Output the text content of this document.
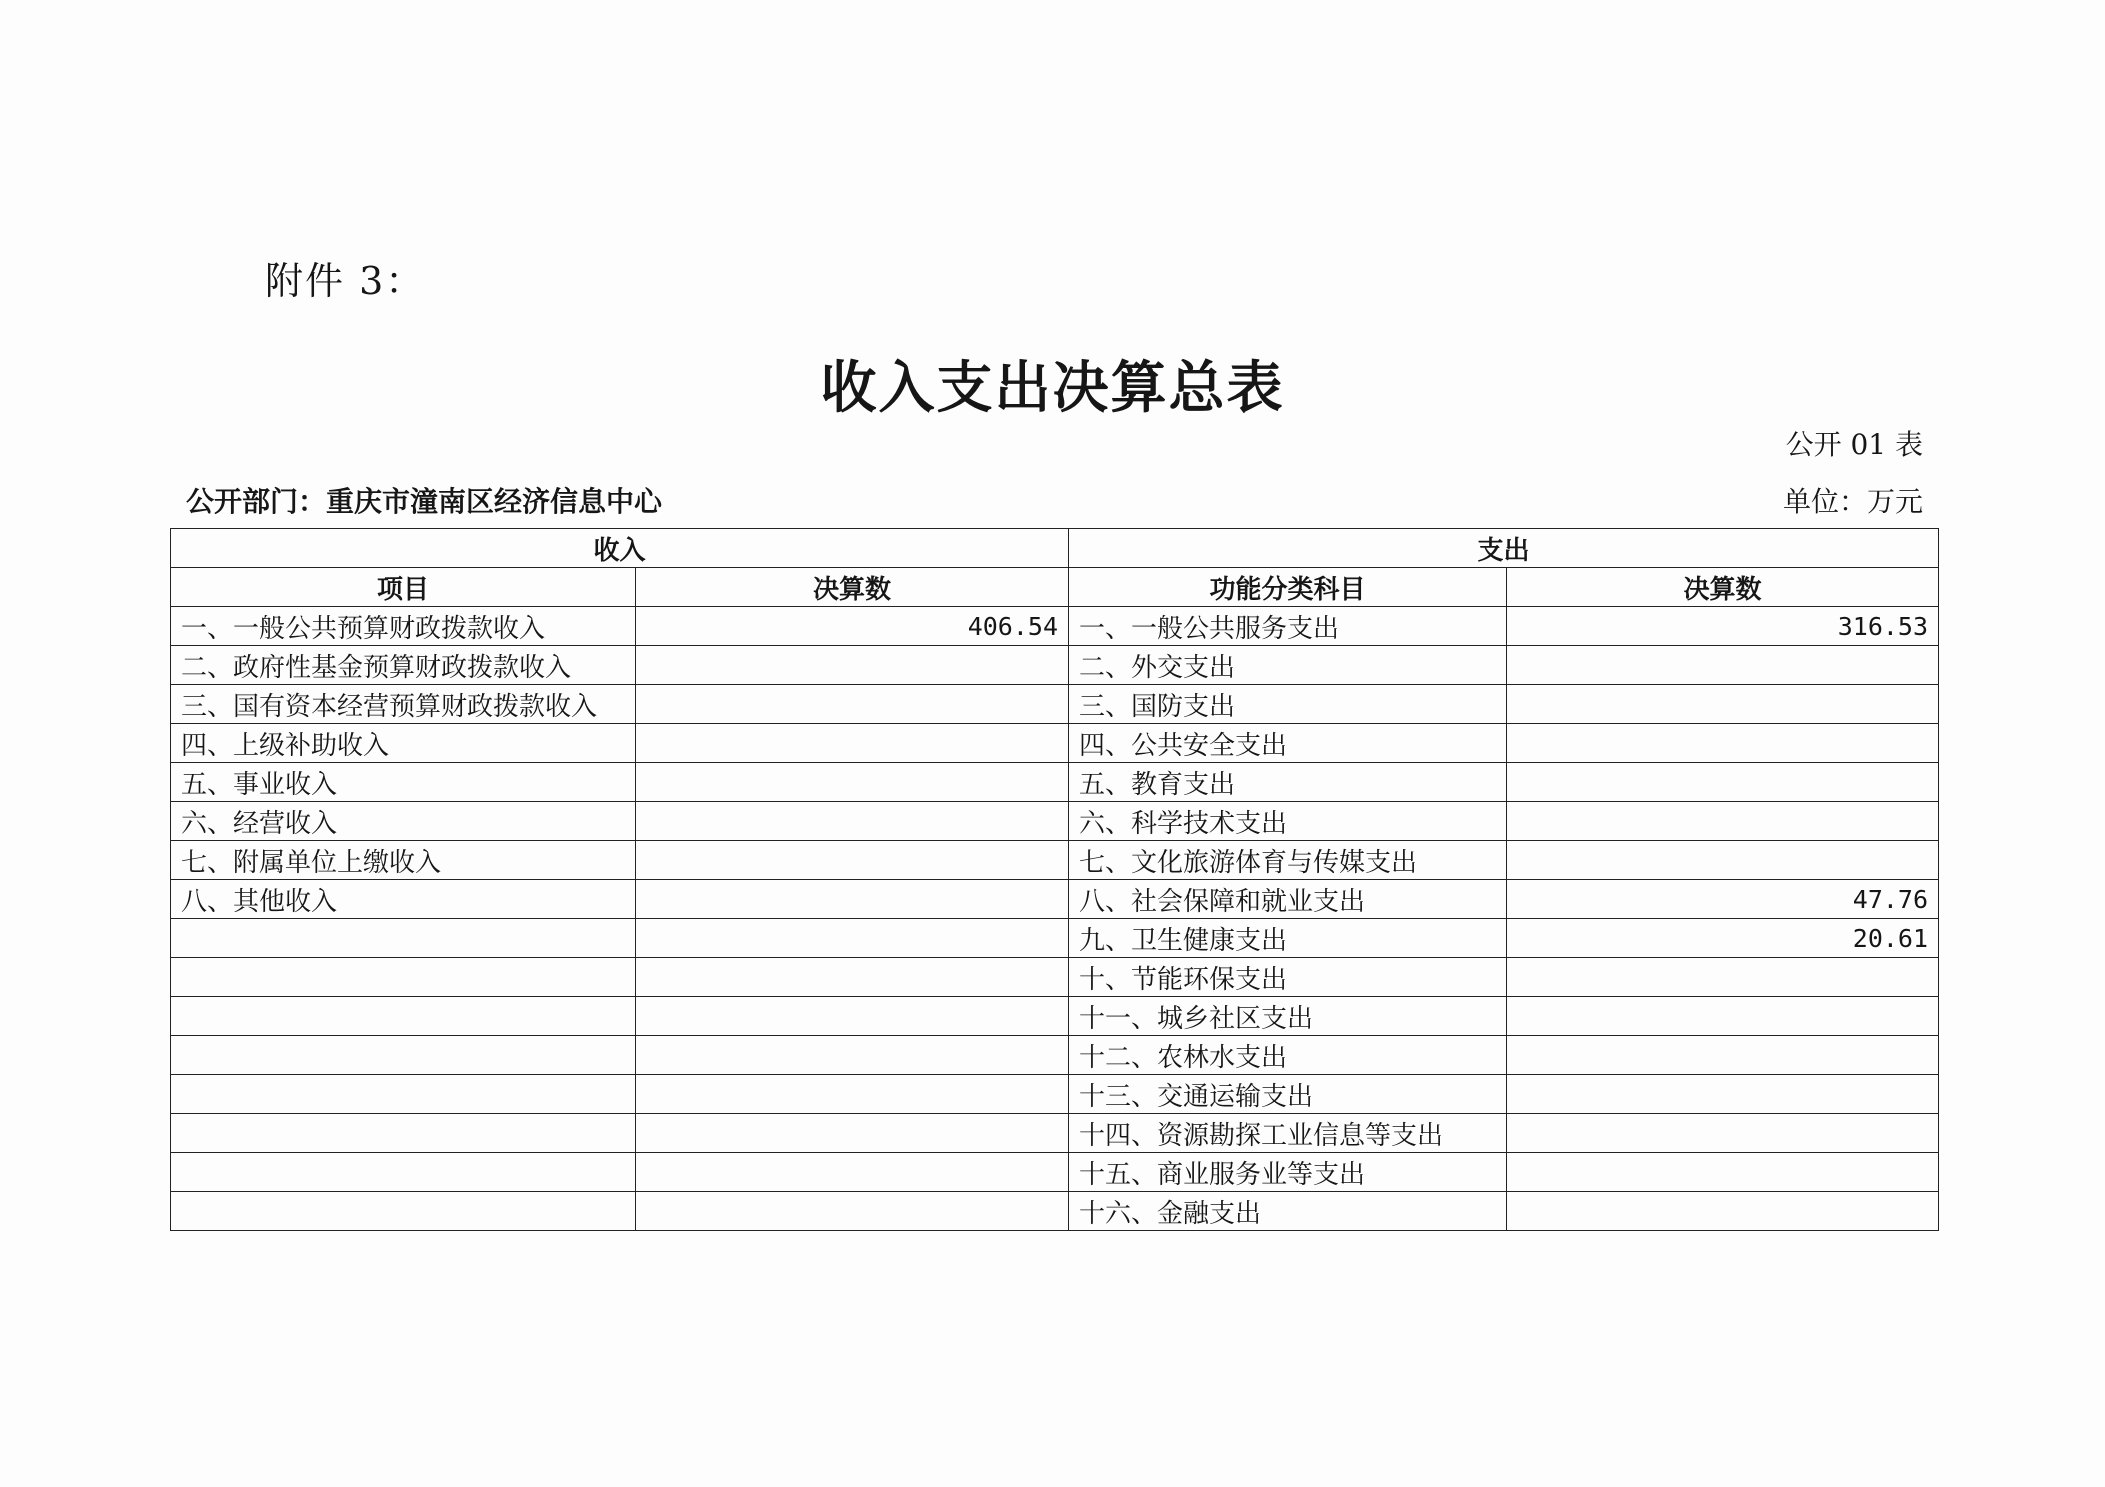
附件 3：
收入支出决算总表
公开 01 表
公开部门：重庆市潼南区经济信息中心	单位：万元
收入		支出	
项目	决算数	功能分类科目	决算数
一、一般公共预算财政拨款收入	406.54	一、一般公共服务支出	316.53
二、政府性基金预算财政拨款收入		二、外交支出	
三、国有资本经营预算财政拨款收入		三、国防支出	
四、上级补助收入		四、公共安全支出	
五、事业收入		五、教育支出	
六、经营收入		六、科学技术支出	
七、附属单位上缴收入		七、文化旅游体育与传媒支出	
八、其他收入		八、社会保障和就业支出	47.76
		九、卫生健康支出	20.61
		十、节能环保支出	
		十一、城乡社区支出	
		十二、农林水支出	
		十三、交通运输支出	
		十四、资源勘探工业信息等支出	
		十五、商业服务业等支出	
		十六、金融支出	
